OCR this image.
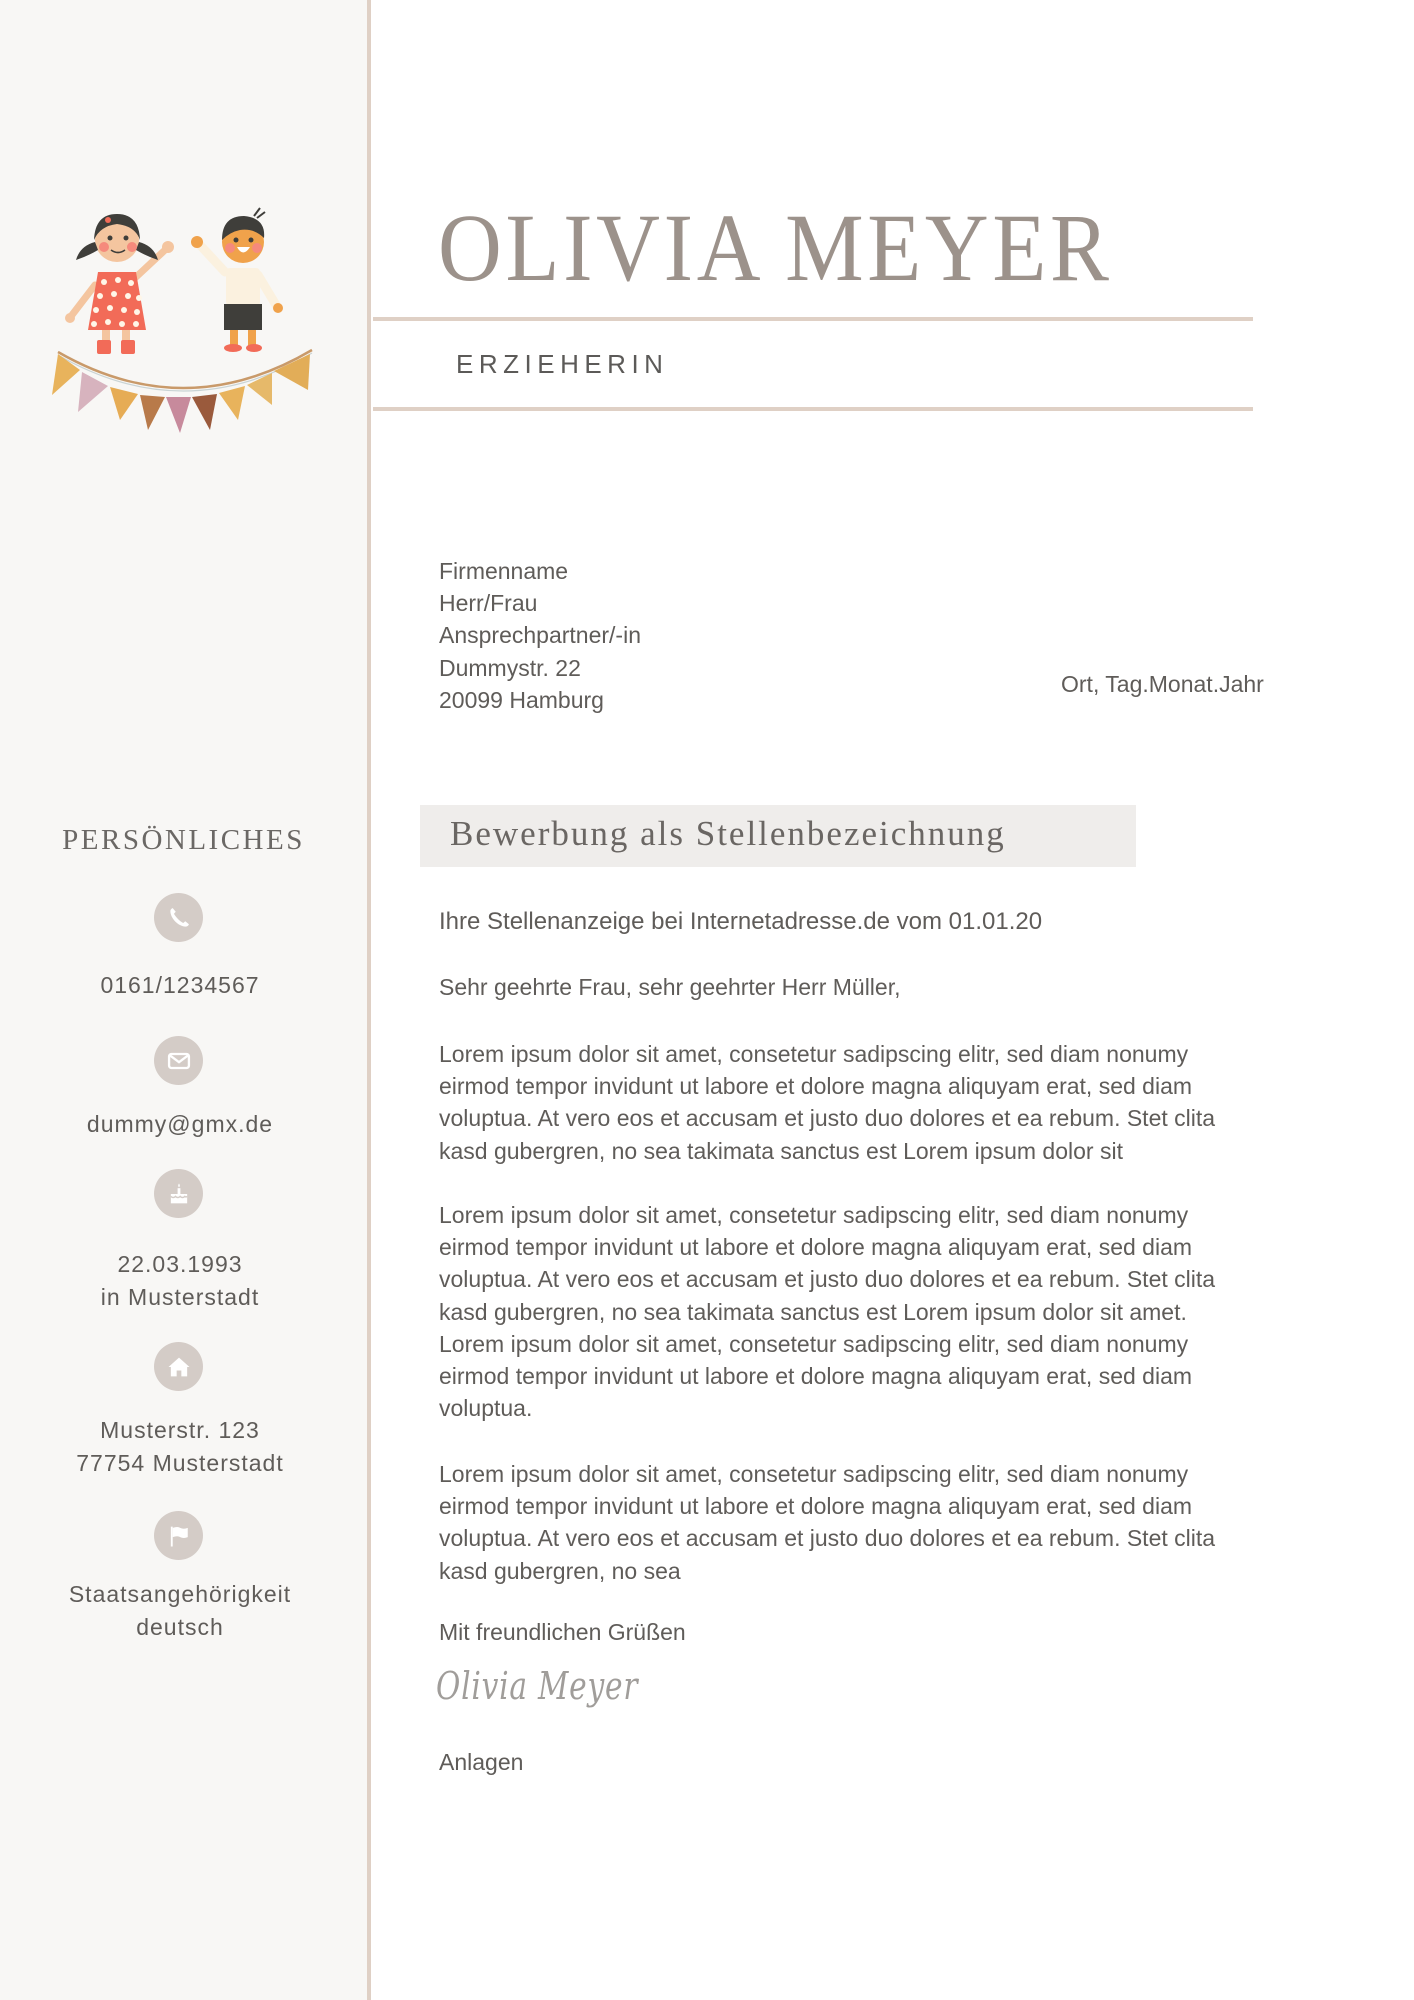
PERSÖNLICHES
0161/1234567
dummy@gmx.de
22.03.1993
in Musterstadt
Musterstr. 123
77754 Musterstadt
Staatsangehörigkeit
deutsch
OLIVIA MEYER
ERZIEHERIN
Firmenname
Herr/Frau
Ansprechpartner/-in
Dummystr. 22
20099 Hamburg
Ort, Tag.Monat.Jahr
Bewerbung als Stellenbezeichnung
Ihre Stellenanzeige bei Internetadresse.de vom 01.01.20
Sehr geehrte Frau, sehr geehrter Herr Müller,
Lorem ipsum dolor sit amet, consetetur sadipscing elitr, sed diam nonumy
eirmod tempor invidunt ut labore et dolore magna aliquyam erat, sed diam
voluptua. At vero eos et accusam et justo duo dolores et ea rebum. Stet clita
kasd gubergren, no sea takimata sanctus est Lorem ipsum dolor sit
Lorem ipsum dolor sit amet, consetetur sadipscing elitr, sed diam nonumy
eirmod tempor invidunt ut labore et dolore magna aliquyam erat, sed diam
voluptua. At vero eos et accusam et justo duo dolores et ea rebum. Stet clita
kasd gubergren, no sea takimata sanctus est Lorem ipsum dolor sit amet.
Lorem ipsum dolor sit amet, consetetur sadipscing elitr, sed diam nonumy
eirmod tempor invidunt ut labore et dolore magna aliquyam erat, sed diam
voluptua.
Lorem ipsum dolor sit amet, consetetur sadipscing elitr, sed diam nonumy
eirmod tempor invidunt ut labore et dolore magna aliquyam erat, sed diam
voluptua. At vero eos et accusam et justo duo dolores et ea rebum. Stet clita
kasd gubergren, no sea
Mit freundlichen Grüßen
Olivia Meyer
Anlagen
